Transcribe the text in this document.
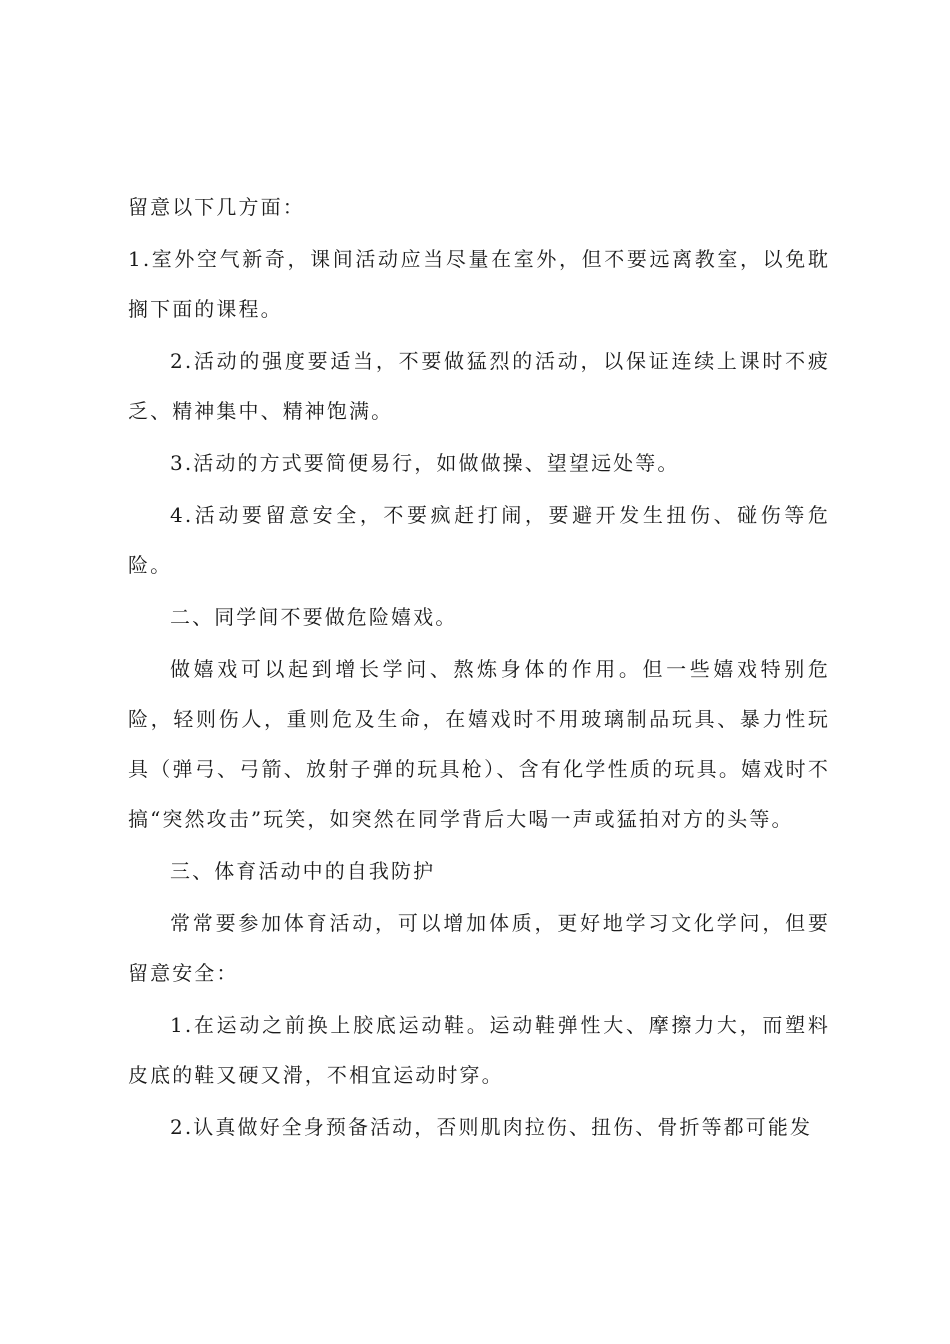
留意以下几方面：

1.室外空气新奇，课间活动应当尽量在室外，但不要远离教室，以免耽搁下面的课程。

2.活动的强度要适当，不要做猛烈的活动，以保证连续上课时不疲乏、精神集中、精神饱满。

3.活动的方式要简便易行，如做做操、望望远处等。

4.活动要留意安全，不要疯赶打闹，要避开发生扭伤、碰伤等危险。

二、同学间不要做危险嬉戏。

做嬉戏可以起到增长学问、熬炼身体的作用。但一些嬉戏特别危险，轻则伤人，重则危及生命，在嬉戏时不用玻璃制品玩具、暴力性玩具（弹弓、弓箭、放射子弹的玩具枪）、含有化学性质的玩具。嬉戏时不搞“突然攻击”玩笑，如突然在同学背后大喝一声或猛拍对方的头等。

三、体育活动中的自我防护

常常要参加体育活动，可以增加体质，更好地学习文化学问，但要留意安全：

1.在运动之前换上胶底运动鞋。运动鞋弹性大、摩擦力大，而塑料皮底的鞋又硬又滑，不相宜运动时穿。

2.认真做好全身预备活动，否则肌肉拉伤、扭伤、骨折等都可能发
